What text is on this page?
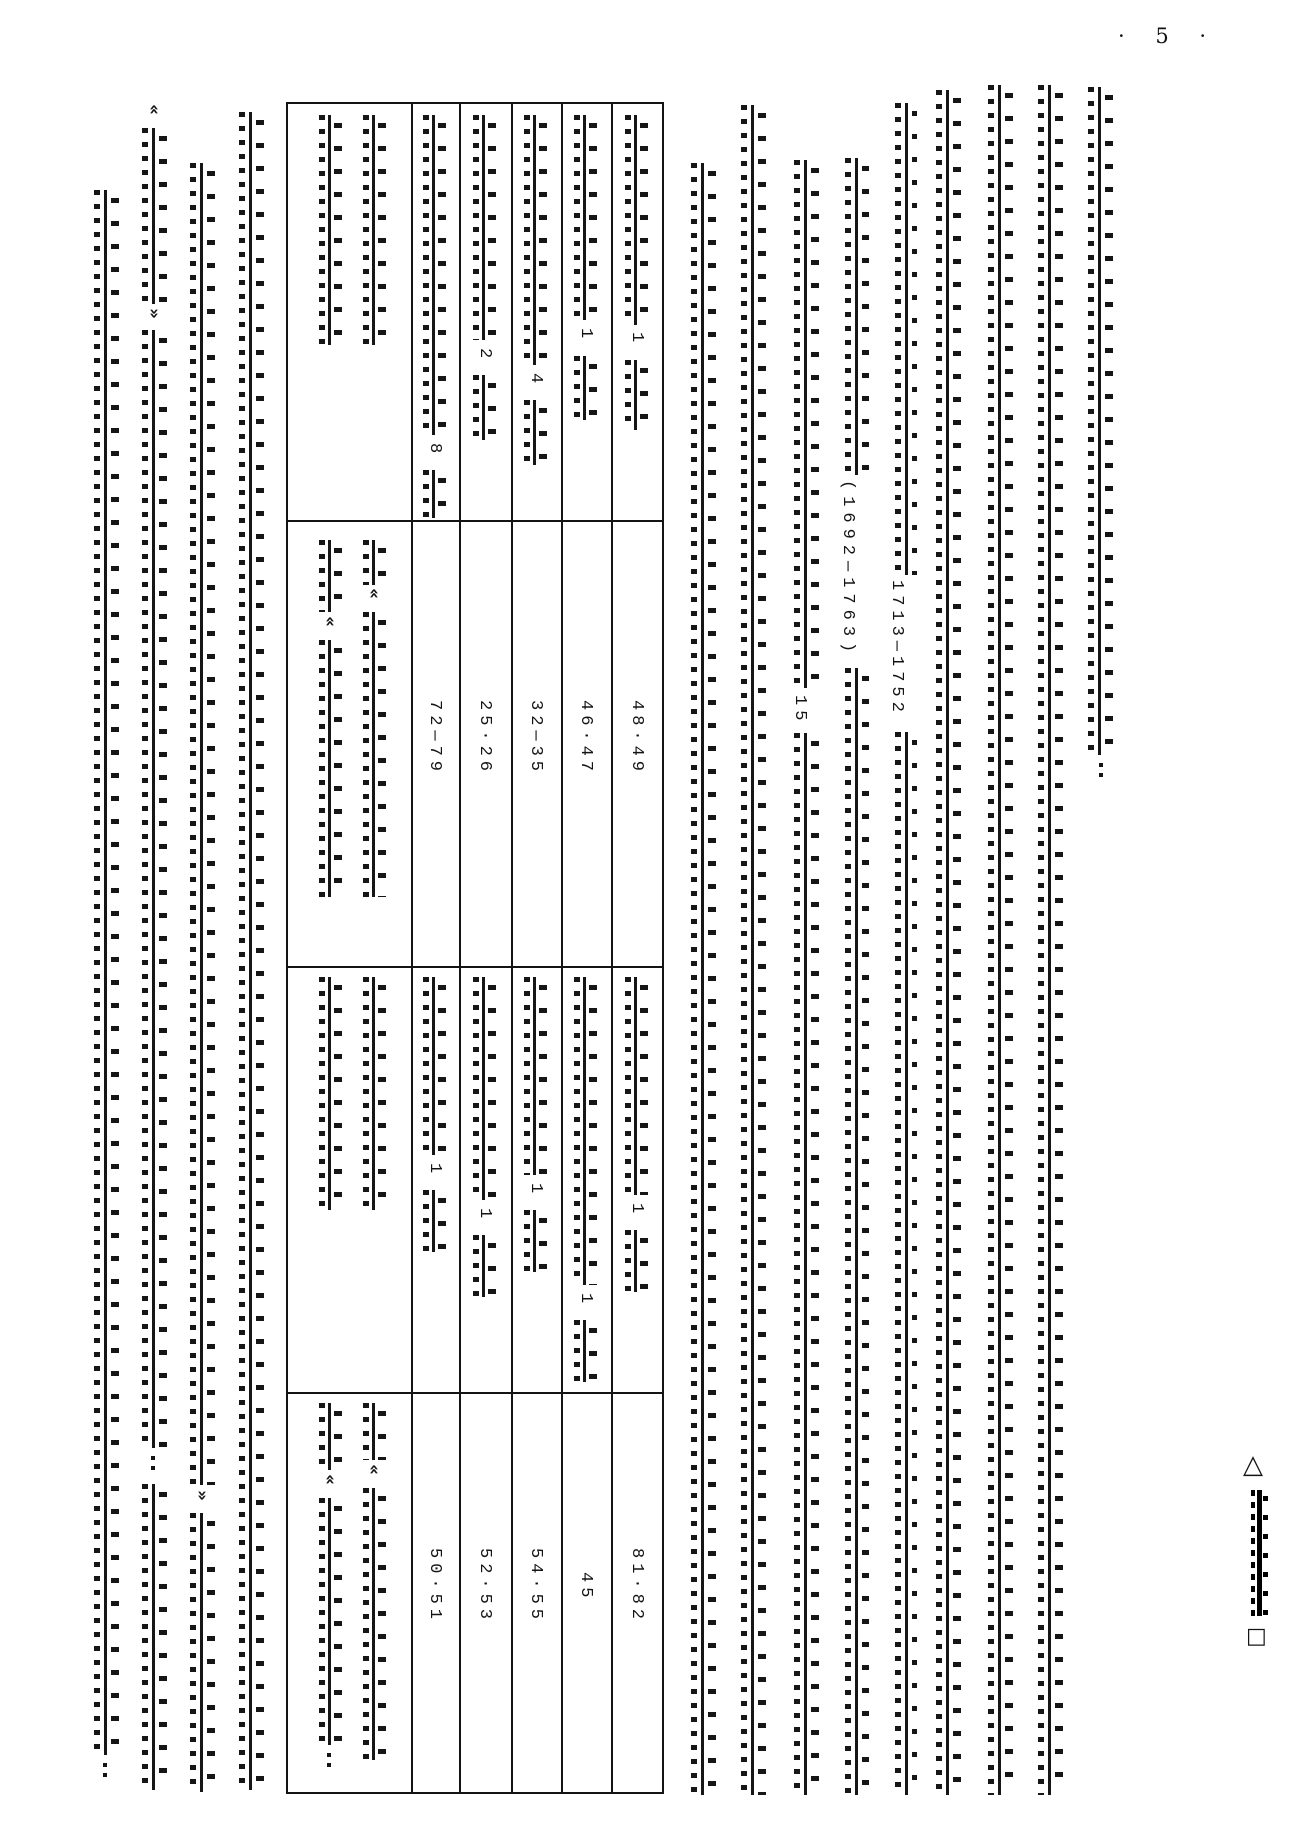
· 5 ·
«
»
»
1
48·49
1
81·82
1
46·47
1
45
4
32—35
1
54·55
2
25·26
1
52·53
8
72—79
1
50·51
«
«
«
«
15
(1692—1763) 1713—1752
△
□
